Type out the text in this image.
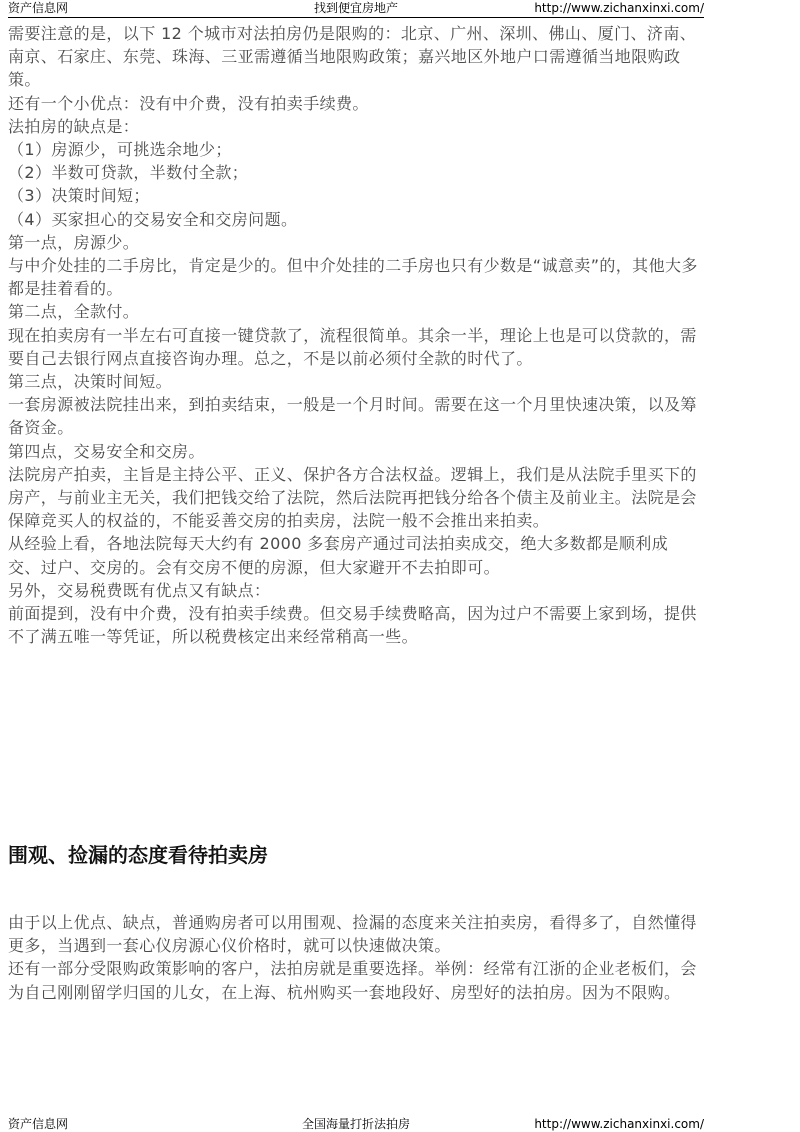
资产信息网	找到便宜房地产	http://www.zichanxinxi.com/

需要注意的是，以下 12 个城市对法拍房仍是限购的：北京、广州、深圳、佛山、厦门、济南、南京、石家庄、东莞、珠海、三亚需遵循当地限购政策；嘉兴地区外地户口需遵循当地限购政策。

还有一个小优点：没有中介费，没有拍卖手续费。

法拍房的缺点是：

（1）房源少，可挑选余地少；

（2）半数可贷款，半数付全款；

（3）决策时间短；

（4）买家担心的交易安全和交房问题。

第一点，房源少。

与中介处挂的二手房比，肯定是少的。但中介处挂的二手房也只有少数是“诚意卖”的，其他大多都是挂着看的。

第二点，全款付。

现在拍卖房有一半左右可直接一键贷款了，流程很简单。其余一半，理论上也是可以贷款的，需要自己去银行网点直接咨询办理。总之，不是以前必须付全款的时代了。

第三点，决策时间短。

一套房源被法院挂出来，到拍卖结束，一般是一个月时间。需要在这一个月里快速决策，以及筹备资金。

第四点，交易安全和交房。

法院房产拍卖，主旨是主持公平、正义、保护各方合法权益。逻辑上，我们是从法院手里买下的房产，与前业主无关，我们把钱交给了法院，然后法院再把钱分给各个债主及前业主。法院是会保障竞买人的权益的，不能妥善交房的拍卖房，法院一般不会推出来拍卖。

从经验上看，各地法院每天大约有 2000 多套房产通过司法拍卖成交，绝大多数都是顺利成交、过户、交房的。会有交房不便的房源，但大家避开不去拍即可。

另外，交易税费既有优点又有缺点：

前面提到，没有中介费，没有拍卖手续费。但交易手续费略高，因为过户不需要上家到场，提供不了满五唯一等凭证，所以税费核定出来经常稍高一些。

围观、捡漏的态度看待拍卖房

由于以上优点、缺点，普通购房者可以用围观、捡漏的态度来关注拍卖房，看得多了，自然懂得更多，当遇到一套心仪房源心仪价格时，就可以快速做决策。

还有一部分受限购政策影响的客户，法拍房就是重要选择。举例：经常有江浙的企业老板们，会为自己刚刚留学归国的儿女，在上海、杭州购买一套地段好、房型好的法拍房。因为不限购。

资产信息网	全国海量打折法拍房	http://www.zichanxinxi.com/
